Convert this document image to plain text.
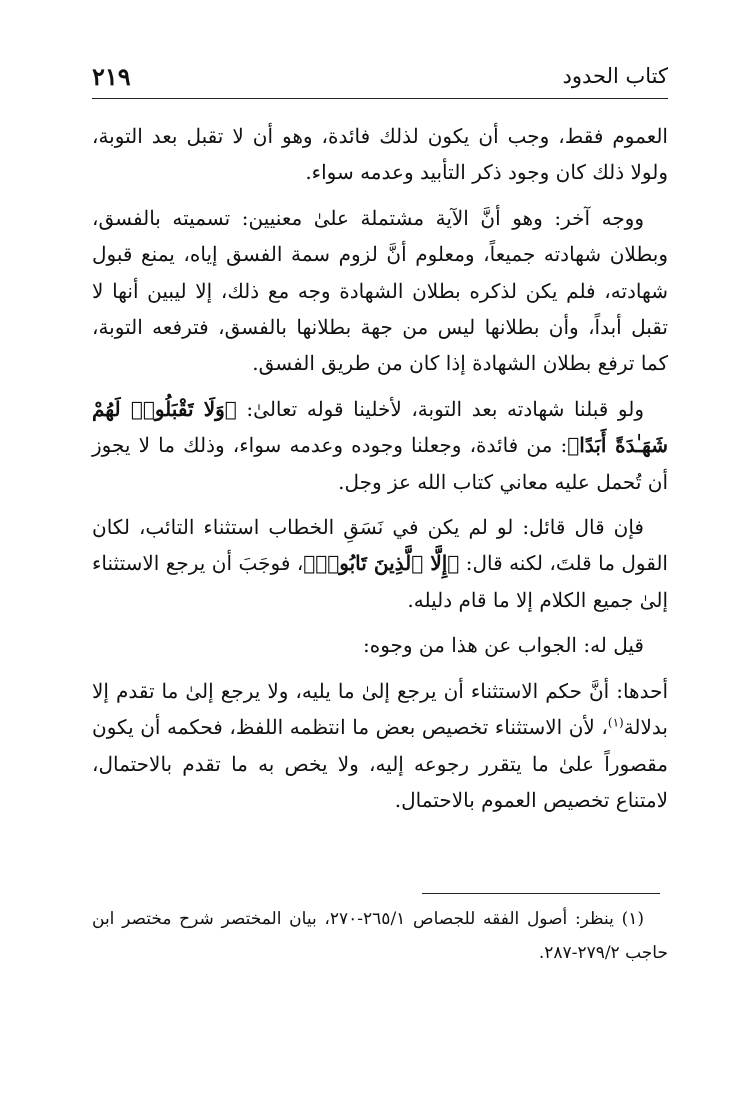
كتاب الحدود
٢١٩

العموم فقط، وجب أن يكون لذلك فائدة، وهو أن لا تقبل بعد التوبة، ولولا ذلك كان وجود ذكر التأبيد وعدمه سواء.

ووجه آخر: وهو أنَّ الآية مشتملة علىٰ معنيين: تسميته بالفسق، وبطلان شهادته جميعاً، ومعلوم أنَّ لزوم سمة الفسق إياه، يمنع قبول شهادته، فلم يكن لذكره بطلان الشهادة وجه مع ذلك، إلا ليبين أنها لا تقبل أبداً، وأن بطلانها ليس من جهة بطلانها بالفسق، فترفعه التوبة، كما ترفع بطلان الشهادة إذا كان من طريق الفسق.

ولو قبلنا شهادته بعد التوبة، لأخلينا قوله تعالىٰ: ﴿وَلَا تَقْبَلُوا۟ لَهُمْ شَهَـٰدَةً أَبَدًا﴾: من فائدة، وجعلنا وجوده وعدمه سواء، وذلك ما لا يجوز أن تُحمل عليه معاني كتاب الله عز وجل.

فإن قال قائل: لو لم يكن في نَسَقِ الخطاب استثناء التائب، لكان القول ما قلتَ، لكنه قال: ﴿إِلَّا ٱلَّذِينَ تَابُوا۟﴾، فوجَبَ أن يرجع الاستثناء إلىٰ جميع الكلام إلا ما قام دليله.

قيل له: الجواب عن هذا من وجوه:

أحدها: أنَّ حكم الاستثناء أن يرجع إلىٰ ما يليه، ولا يرجع إلىٰ ما تقدم إلا بدلالة$^{(١)}$، لأن الاستثناء تخصيص بعض ما انتظمه اللفظ، فحكمه أن يكون مقصوراً علىٰ ما يتقرر رجوعه إليه، ولا يخص به ما تقدم بالاحتمال، لامتناع تخصيص العموم بالاحتمال.

(١) ينظر: أصول الفقه للجصاص ٢٦٥/١-٢٧٠، بيان المختصر شرح مختصر ابن حاجب ٢٧٩/٢-٢٨٧.
